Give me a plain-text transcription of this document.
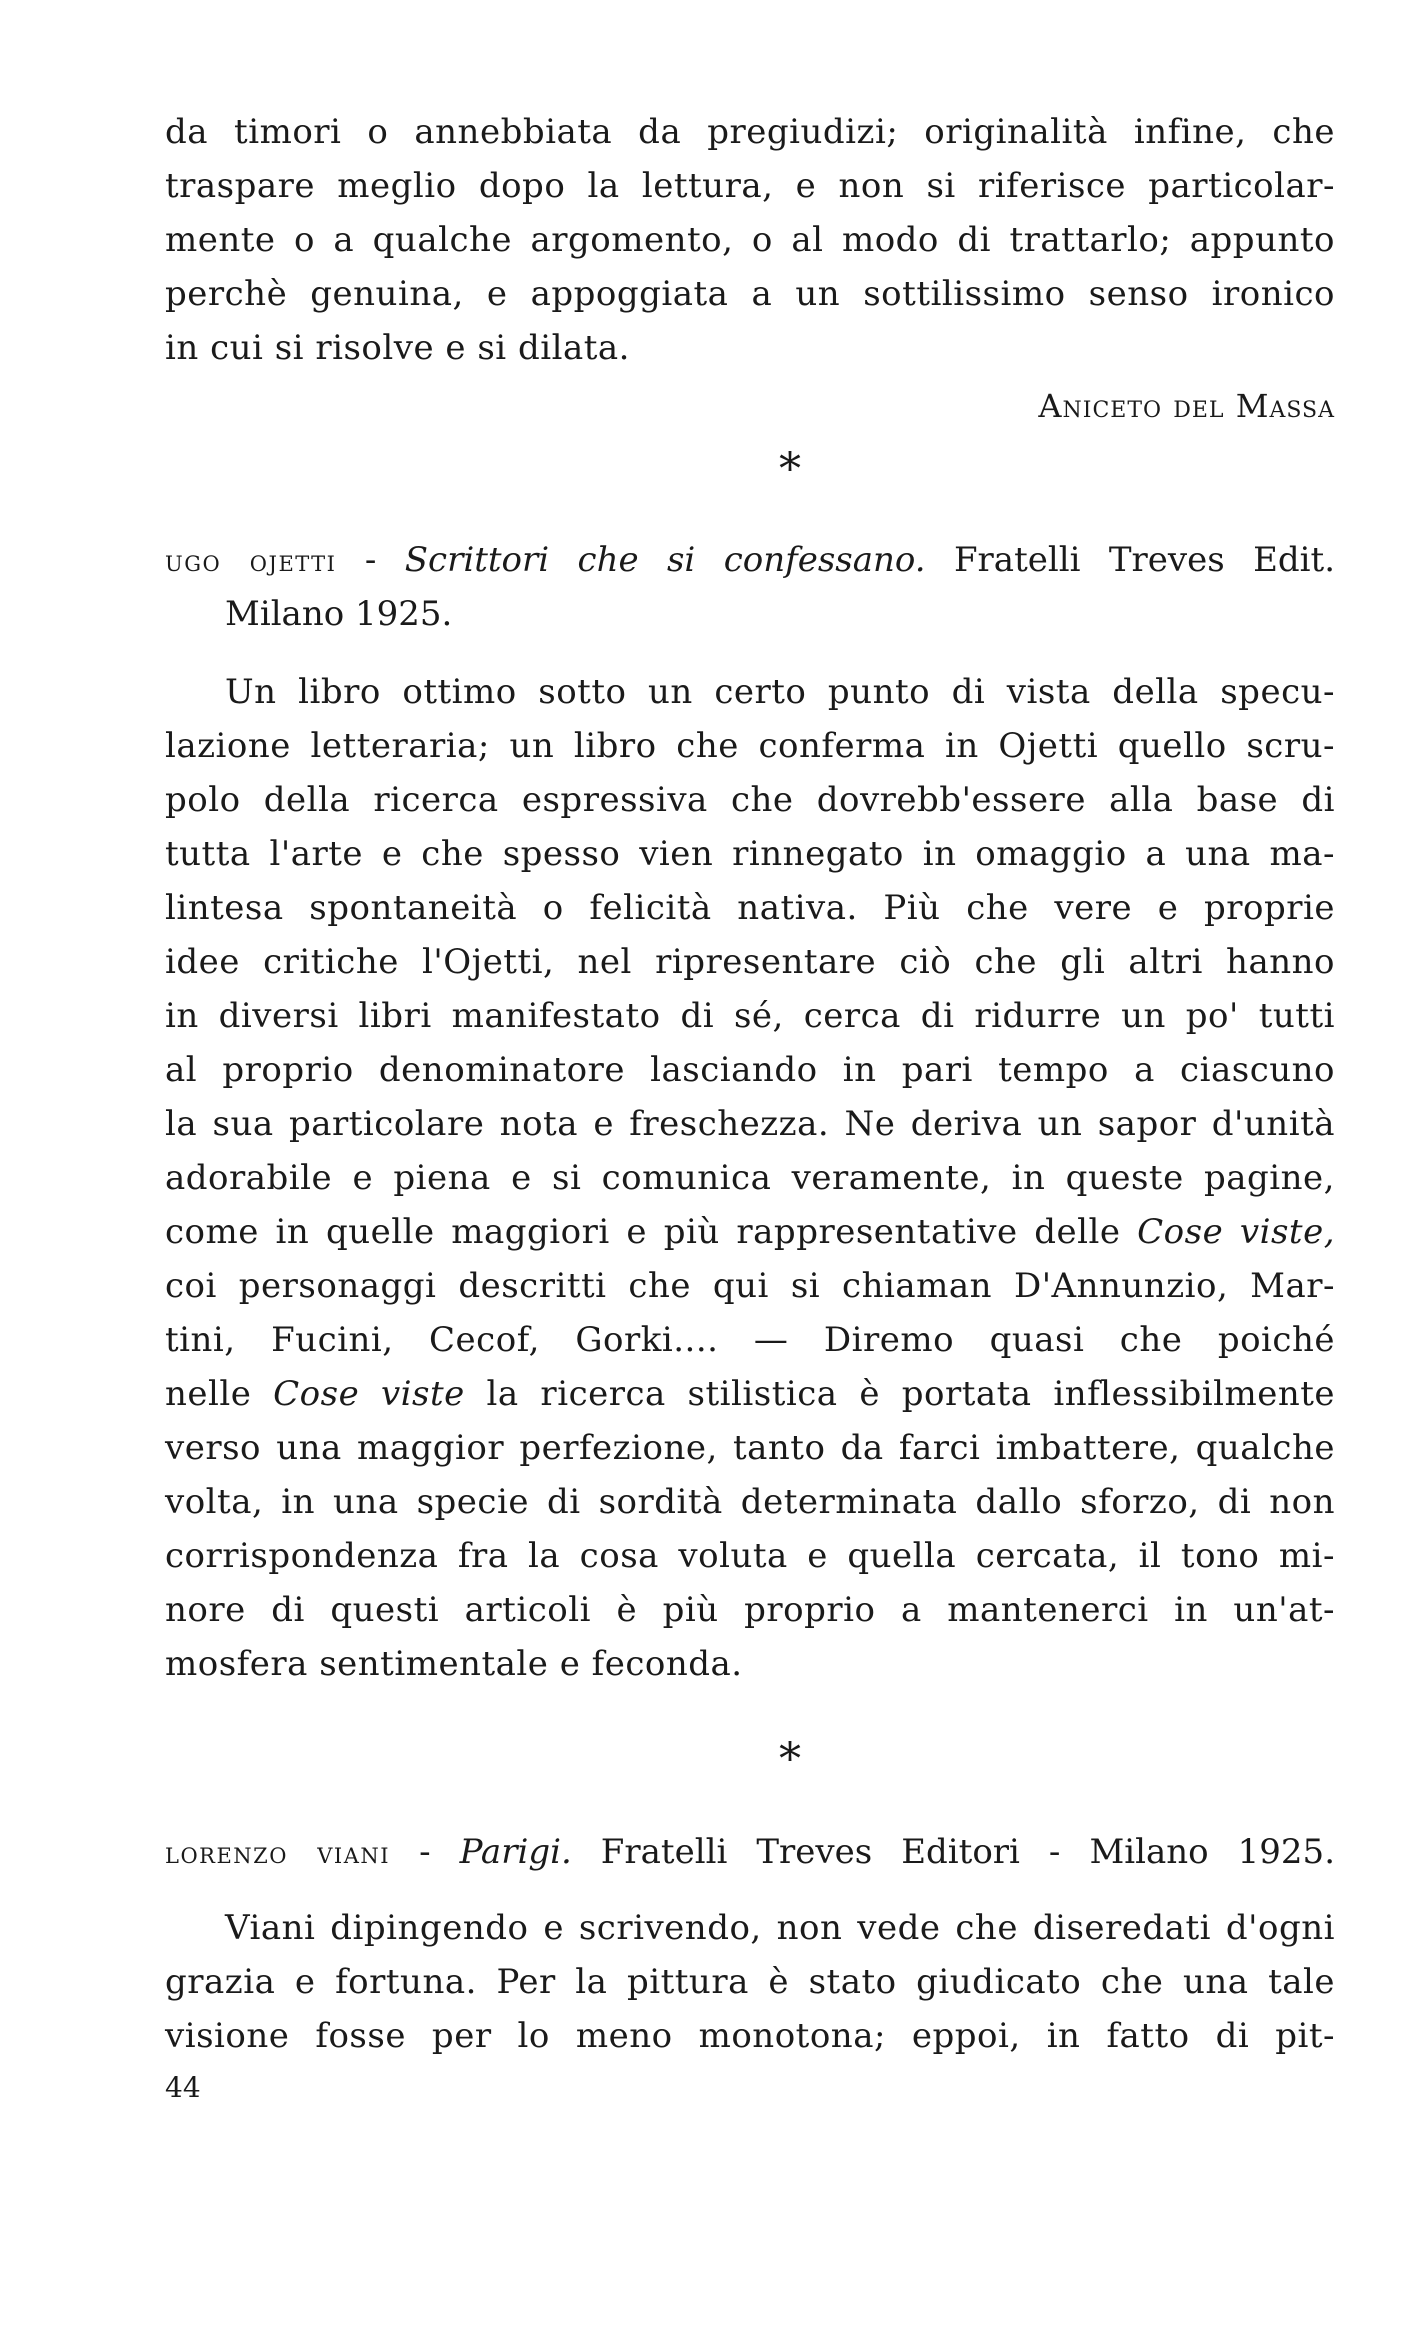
da timori o annebbiata da pregiudizi; originalità infine, che
traspare meglio dopo la lettura, e non si riferisce particolar-
mente o a qualche argomento, o al modo di trattarlo; appunto
perchè genuina, e appoggiata a un sottilissimo senso ironico
in cui si risolve e si dilata.
Aniceto del Massa
*
ugo ojetti - Scrittori che si confessano. Fratelli Treves Edit.
Milano 1925.
Un libro ottimo sotto un certo punto di vista della specu-
lazione letteraria; un libro che conferma in Ojetti quello scru-
polo della ricerca espressiva che dovrebb'essere alla base di
tutta l'arte e che spesso vien rinnegato in omaggio a una ma-
lintesa spontaneità o felicità nativa. Più che vere e proprie
idee critiche l'Ojetti, nel ripresentare ciò che gli altri hanno
in diversi libri manifestato di sé, cerca di ridurre un po' tutti
al proprio denominatore lasciando in pari tempo a ciascuno
la sua particolare nota e freschezza. Ne deriva un sapor d'unità
adorabile e piena e si comunica veramente, in queste pagine,
come in quelle maggiori e più rappresentative delle Cose viste,
coi personaggi descritti che qui si chiaman D'Annunzio, Mar-
tini, Fucini, Cecof, Gorki.... — Diremo quasi che poiché
nelle Cose viste la ricerca stilistica è portata inflessibilmente
verso una maggior perfezione, tanto da farci imbattere, qualche
volta, in una specie di sordità determinata dallo sforzo, di non
corrispondenza fra la cosa voluta e quella cercata, il tono mi-
nore di questi articoli è più proprio a mantenerci in un'at-
mosfera sentimentale e feconda.
*
lorenzo viani - Parigi. Fratelli Treves Editori - Milano 1925.
Viani dipingendo e scrivendo, non vede che diseredati d'ogni
grazia e fortuna. Per la pittura è stato giudicato che una tale
visione fosse per lo meno monotona; eppoi, in fatto di pit-
44
